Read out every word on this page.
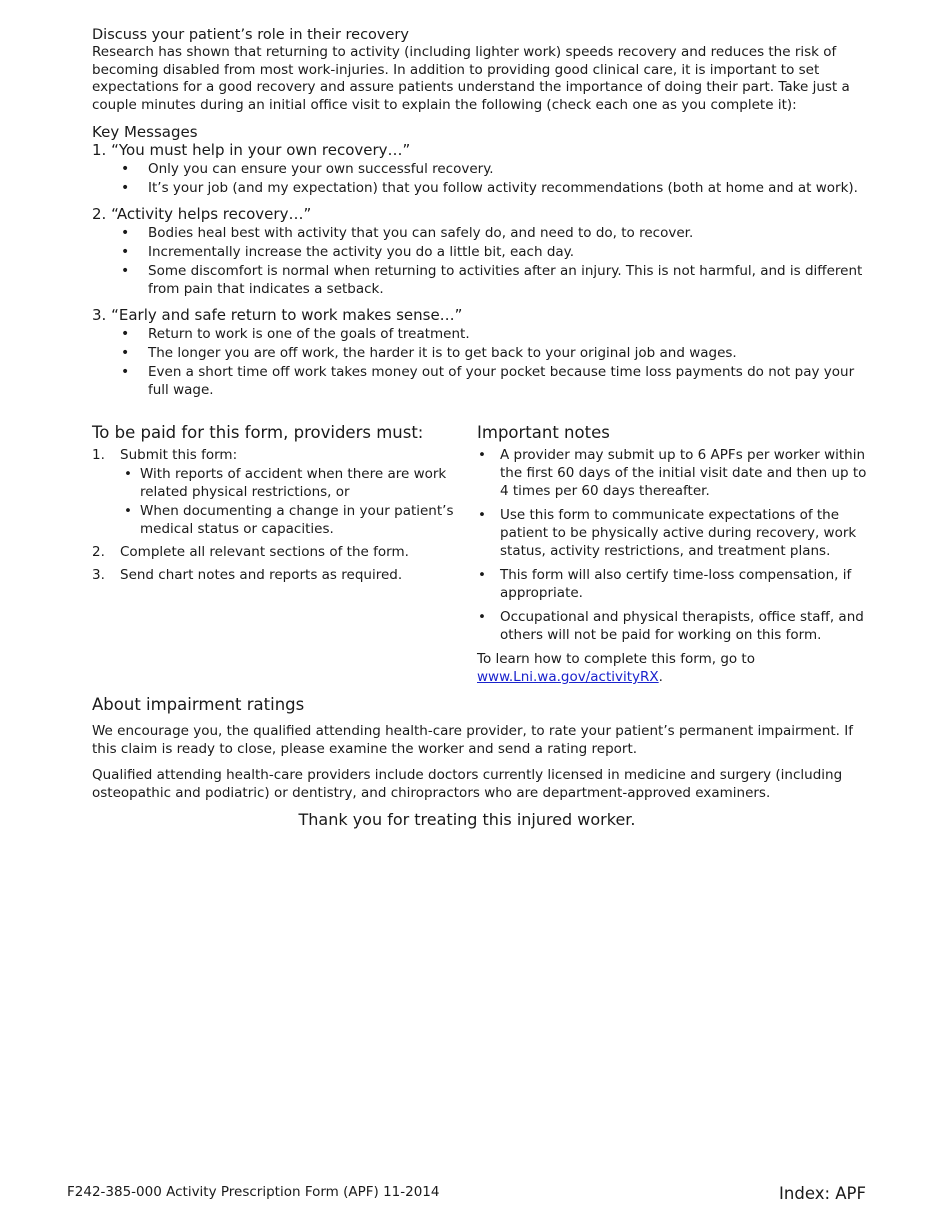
Discuss your patient’s role in their recovery

Research has shown that returning to activity (including lighter work) speeds recovery and reduces the risk of becoming disabled from most work-injuries. In addition to providing good clinical care, it is important to set expectations for a good recovery and assure patients understand the importance of doing their part. Take just a couple minutes during an initial office visit to explain the following (check each one as you complete it):

Key Messages
1. “You must help in your own recovery…”
• Only you can ensure your own successful recovery.
• It’s your job (and my expectation) that you follow activity recommendations (both at home and at work).
2. “Activity helps recovery…”
• Bodies heal best with activity that you can safely do, and need to do, to recover.
• Incrementally increase the activity you do a little bit, each day.
• Some discomfort is normal when returning to activities after an injury. This is not harmful, and is different from pain that indicates a setback.
3. “Early and safe return to work makes sense…”
• Return to work is one of the goals of treatment.
• The longer you are off work, the harder it is to get back to your original job and wages.
• Even a short time off work takes money out of your pocket because time loss payments do not pay your full wage.
To be paid for this form, providers must:
1. Submit this form:
• With reports of accident when there are work related physical restrictions, or
• When documenting a change in your patient’s medical status or capacities.
2. Complete all relevant sections of the form.
3. Send chart notes and reports as required.
Important notes
• A provider may submit up to 6 APFs per worker within the first 60 days of the initial visit date and then up to 4 times per 60 days thereafter.
• Use this form to communicate expectations of the patient to be physically active during recovery, work status, activity restrictions, and treatment plans.
• This form will also certify time-loss compensation, if appropriate.
• Occupational and physical therapists, office staff, and others will not be paid for working on this form.
To learn how to complete this form, go to
www.Lni.wa.gov/activityRX.
About impairment ratings

We encourage you, the qualified attending health-care provider, to rate your patient’s permanent impairment. If this claim is ready to close, please examine the worker and send a rating report.

Qualified attending health-care providers include doctors currently licensed in medicine and surgery (including osteopathic and podiatric) or dentistry, and chiropractors who are department-approved examiners.

Thank you for treating this injured worker.
F242-385-000 Activity Prescription Form (APF) 11-2014	Index: APF
